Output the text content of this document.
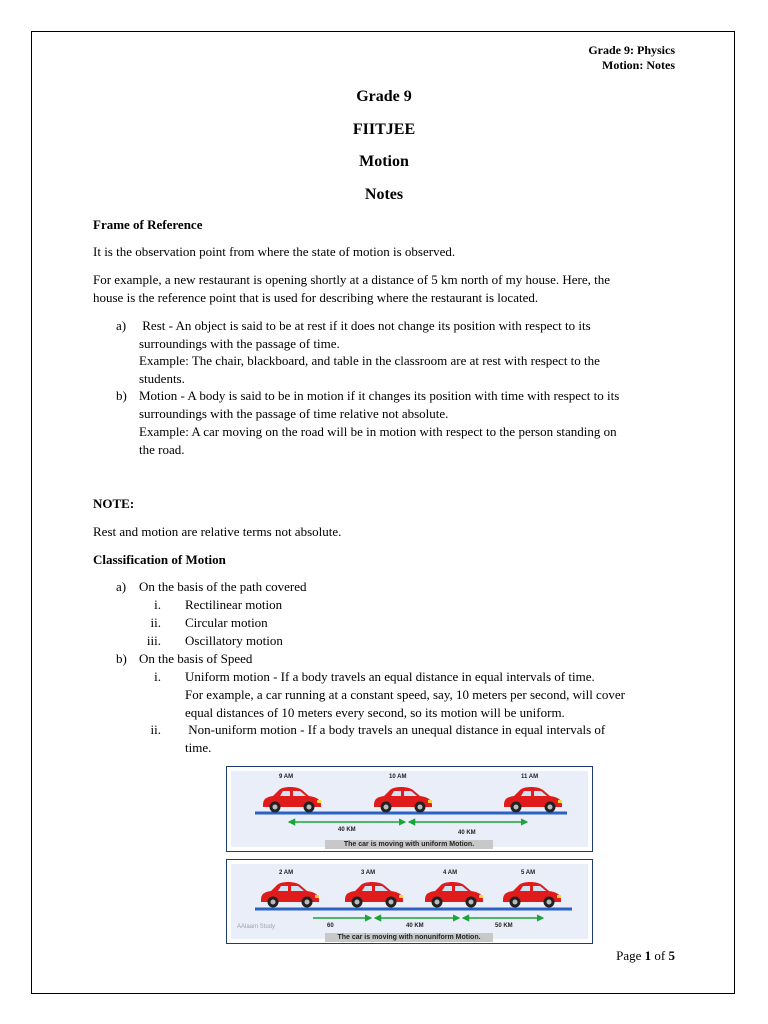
Grade 9: Physics
Motion: Notes
Grade 9
FIITJEE
Motion
Notes
Frame of Reference
It is the observation point from where the state of motion is observed.
For example, a new restaurant is opening shortly at a distance of 5 km north of my house. Here, the
house is the reference point that is used for describing where the restaurant is located.
a) Rest - An object is said to be at rest if it does not change its position with respect to its
surroundings with the passage of time.
Example: The chair, blackboard, and table in the classroom are at rest with respect to the
students.
b) Motion - A body is said to be in motion if it changes its position with time with respect to its
surroundings with the passage of time relative not absolute.
Example: A car moving on the road will be in motion with respect to the person standing on
the road.
NOTE:
Rest and motion are relative terms not absolute.
Classification of Motion
a) On the basis of the path covered
i. Rectilinear motion
ii. Circular motion
iii. Oscillatory motion
b) On the basis of Speed
i. Uniform motion - If a body travels an equal distance in equal intervals of time.
For example, a car running at a constant speed, say, 10 meters per second, will cover
equal distances of 10 meters every second, so its motion will be uniform.
ii. Non-uniform motion - If a body travels an unequal distance in equal intervals of
time.
9 AM	10 AM	11 AM
40 KM	40 KM
The car is moving with uniform Motion.
2 AM	3 AM	4 AM	5 AM
60	40 KM	50 KM
AAlaam Study
The car is moving with nonuniform Motion.
Page 1 of 5
